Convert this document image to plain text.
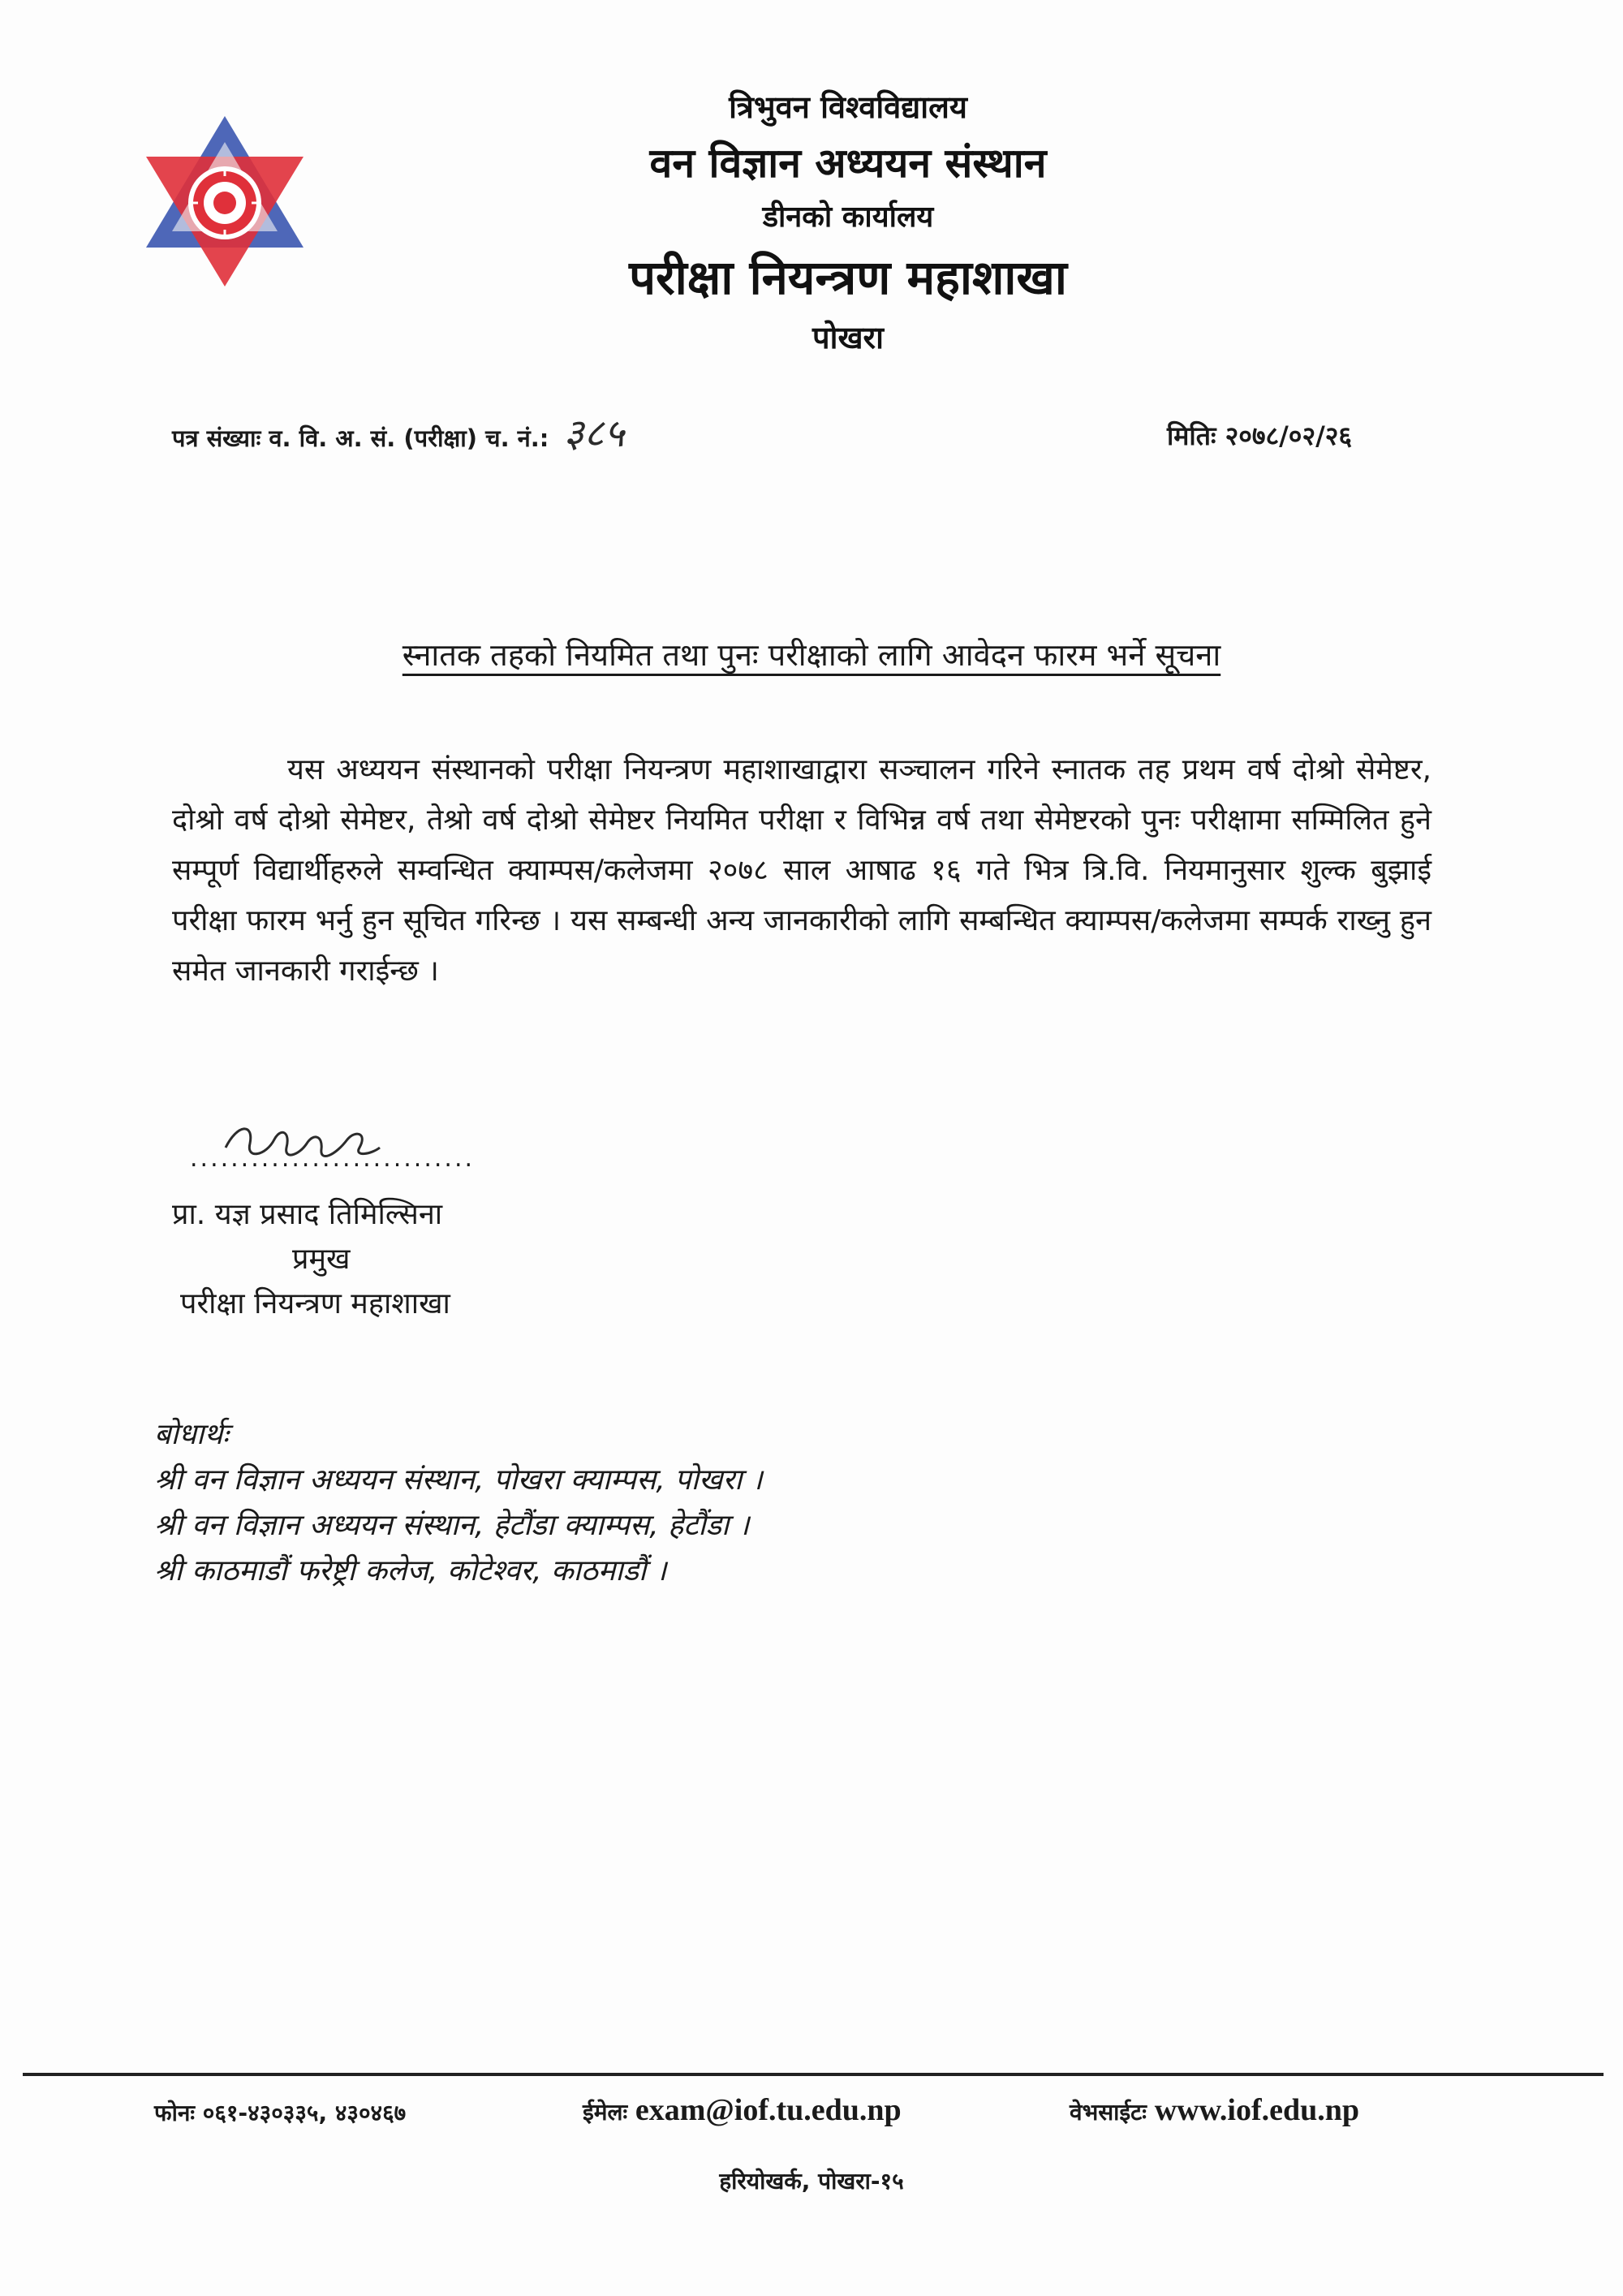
त्रिभुवन विश्वविद्यालय
वन विज्ञान अध्ययन संस्थान
डीनको कार्यालय
परीक्षा नियन्त्रण महाशाखा
पोखरा
पत्र संख्याः व. वि. अ. सं. (परीक्षा) च. नं.: ३८५	मितिः २०७८/०२/२६
स्नातक तहको नियमित तथा पुनः परीक्षाको लागि आवेदन फारम भर्ने सूचना
यस अध्ययन संस्थानको परीक्षा नियन्त्रण महाशाखाद्वारा सञ्चालन गरिने स्नातक तह प्रथम वर्ष दोश्रो सेमेष्टर, दोश्रो वर्ष दोश्रो सेमेष्टर, तेश्रो वर्ष दोश्रो सेमेष्टर नियमित परीक्षा र विभिन्न वर्ष तथा सेमेष्टरको पुनः परीक्षामा सम्मिलित हुने सम्पूर्ण विद्यार्थीहरुले सम्वन्धित क्याम्पस/कलेजमा २०७८ साल आषाढ १६ गते भित्र त्रि.वि. नियमानुसार शुल्क बुझाई परीक्षा फारम भर्नु हुन सूचित गरिन्छ । यस सम्बन्धी अन्य जानकारीको लागि सम्बन्धित क्याम्पस/कलेजमा सम्पर्क राख्नु हुन समेत जानकारी गराईन्छ ।
............................
प्रा. यज्ञ प्रसाद तिमिल्सिना
प्रमुख
परीक्षा नियन्त्रण महाशाखा
बोधार्थः
श्री वन विज्ञान अध्ययन संस्थान, पोखरा क्याम्पस, पोखरा ।
श्री वन विज्ञान अध्ययन संस्थान, हेटौंडा क्याम्पस, हेटौंडा ।
श्री काठमाडौं फरेष्ट्री कलेज, कोटेश्वर, काठमाडौं ।
फोनः ०६१-४३०३३५, ४३०४६७	ईमेलः exam@iof.tu.edu.np	वेभसाईटः www.iof.edu.np
हरियोखर्क, पोखरा-१५
